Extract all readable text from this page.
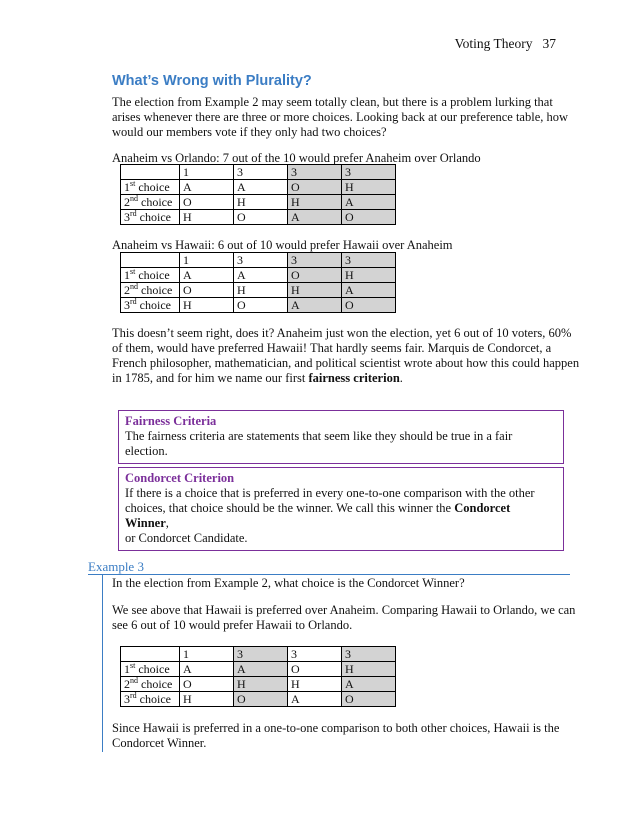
Voting Theory 37
What’s Wrong with Plurality?

The election from Example 2 may seem totally clean, but there is a problem lurking that

arises whenever there are three or more choices. Looking back at our preference table, how

would our members vote if they only had two choices?

Anaheim vs Orlando: 7 out of the 10 would prefer Anaheim over Orlando
	1	3	3	3
1st choice	A	A	O	H
2nd choice	O	H	H	A
3rd choice	H	O	A	O
Anaheim vs Hawaii: 6 out of 10 would prefer Hawaii over Anaheim
	1	3	3	3
1st choice	A	A	O	H
2nd choice	O	H	H	A
3rd choice	H	O	A	O

This doesn’t seem right, does it? Anaheim just won the election, yet 6 out of 10 voters, 60%

of them, would have preferred Hawaii! That hardly seems fair. Marquis de Condorcet, a

French philosopher, mathematician, and political scientist wrote about how this could happen

in 1785, and for him we name our first fairness criterion.

Fairness Criteria
The fairness criteria are statements that seem like they should be true in a fair election.
Condorcet Criterion
If there is a choice that is preferred in every one-to-one comparison with the other
choices, that choice should be the winner. We call this winner the Condorcet Winner,
or Condorcet Candidate.
Example 3
In the election from Example 2, what choice is the Condorcet Winner?

We see above that Hawaii is preferred over Anaheim. Comparing Hawaii to Orlando, we can

see 6 out of 10 would prefer Hawaii to Orlando.

	1	3	3	3
1st choice	A	A	O	H
2nd choice	O	H	H	A
3rd choice	H	O	A	O

Since Hawaii is preferred in a one-to-one comparison to both other choices, Hawaii is the

Condorcet Winner.
